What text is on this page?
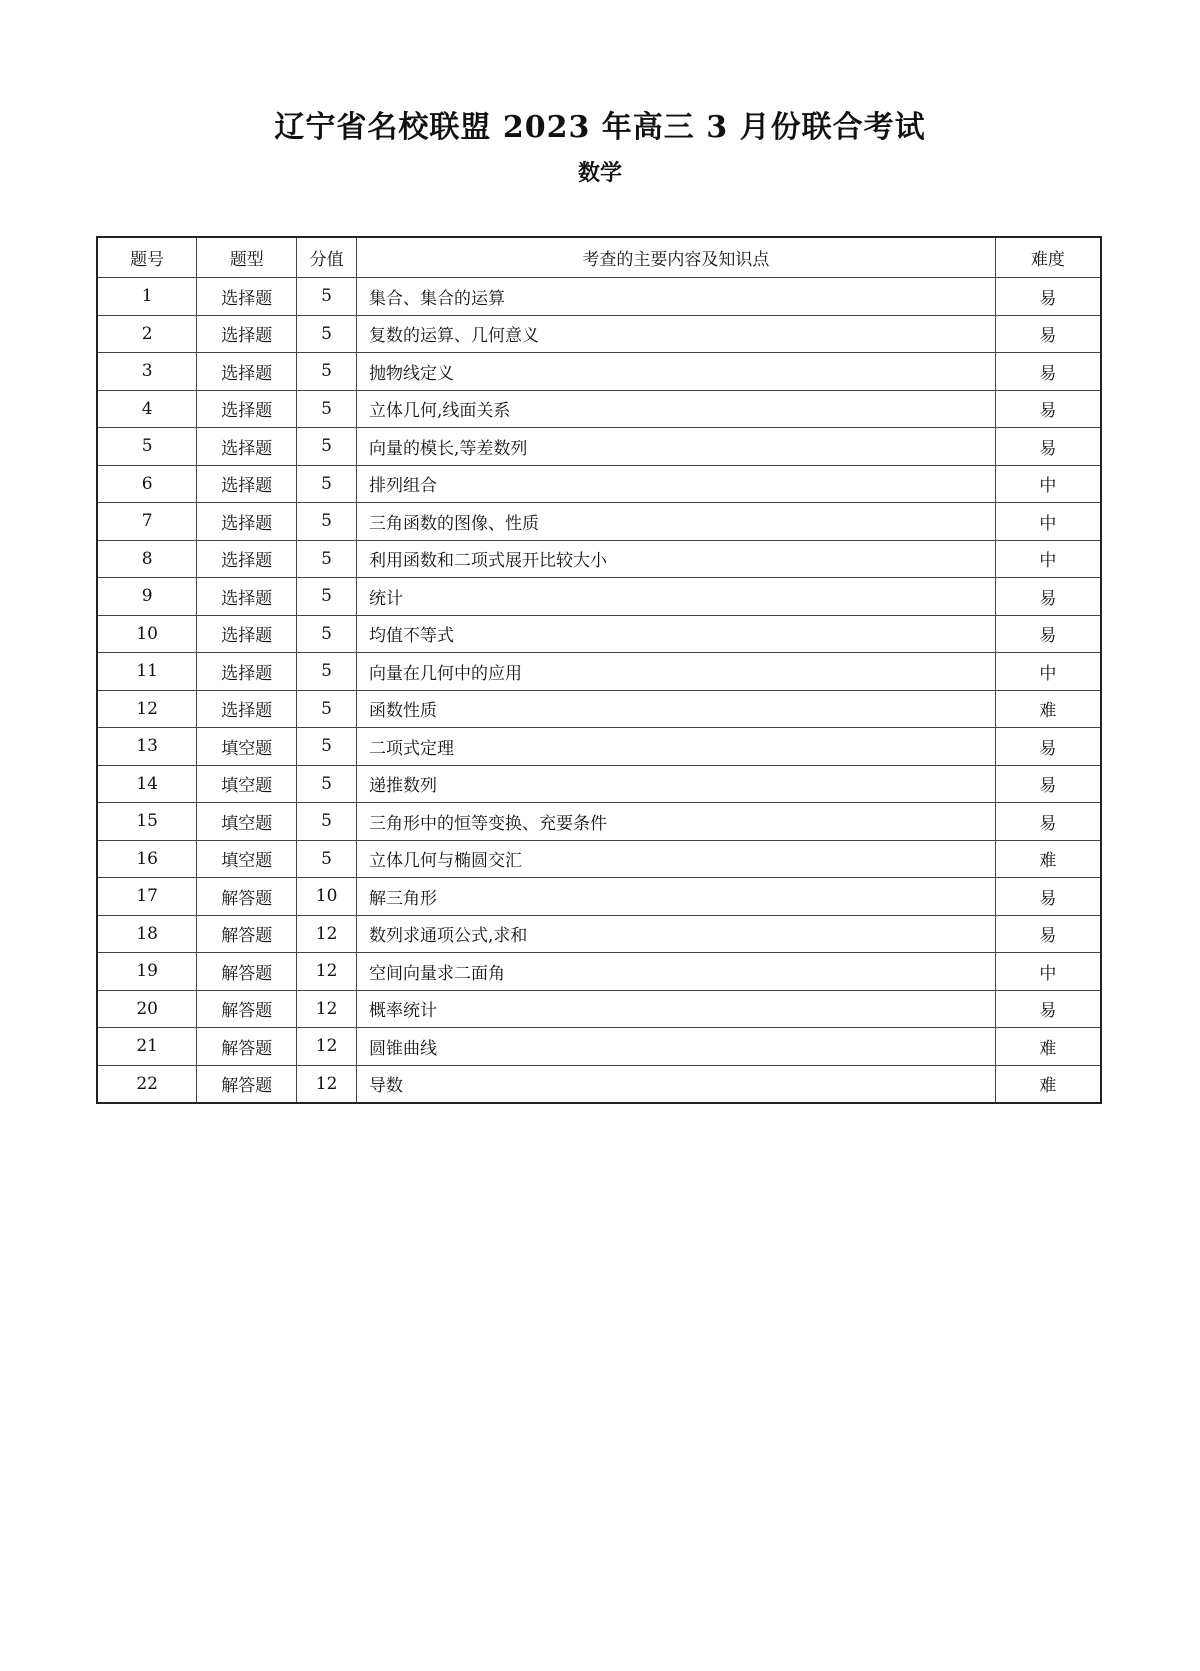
辽宁省名校联盟 2023 年高三 3 月份联合考试
数学
题号	题型	分值	考查的主要内容及知识点	难度
1	选择题	5	集合、集合的运算	易
2	选择题	5	复数的运算、几何意义	易
3	选择题	5	抛物线定义	易
4	选择题	5	立体几何,线面关系	易
5	选择题	5	向量的模长,等差数列	易
6	选择题	5	排列组合	中
7	选择题	5	三角函数的图像、性质	中
8	选择题	5	利用函数和二项式展开比较大小	中
9	选择题	5	统计	易
10	选择题	5	均值不等式	易
11	选择题	5	向量在几何中的应用	中
12	选择题	5	函数性质	难
13	填空题	5	二项式定理	易
14	填空题	5	递推数列	易
15	填空题	5	三角形中的恒等变换、充要条件	易
16	填空题	5	立体几何与椭圆交汇	难
17	解答题	10	解三角形	易
18	解答题	12	数列求通项公式,求和	易
19	解答题	12	空间向量求二面角	中
20	解答题	12	概率统计	易
21	解答题	12	圆锥曲线	难
22	解答题	12	导数	难
